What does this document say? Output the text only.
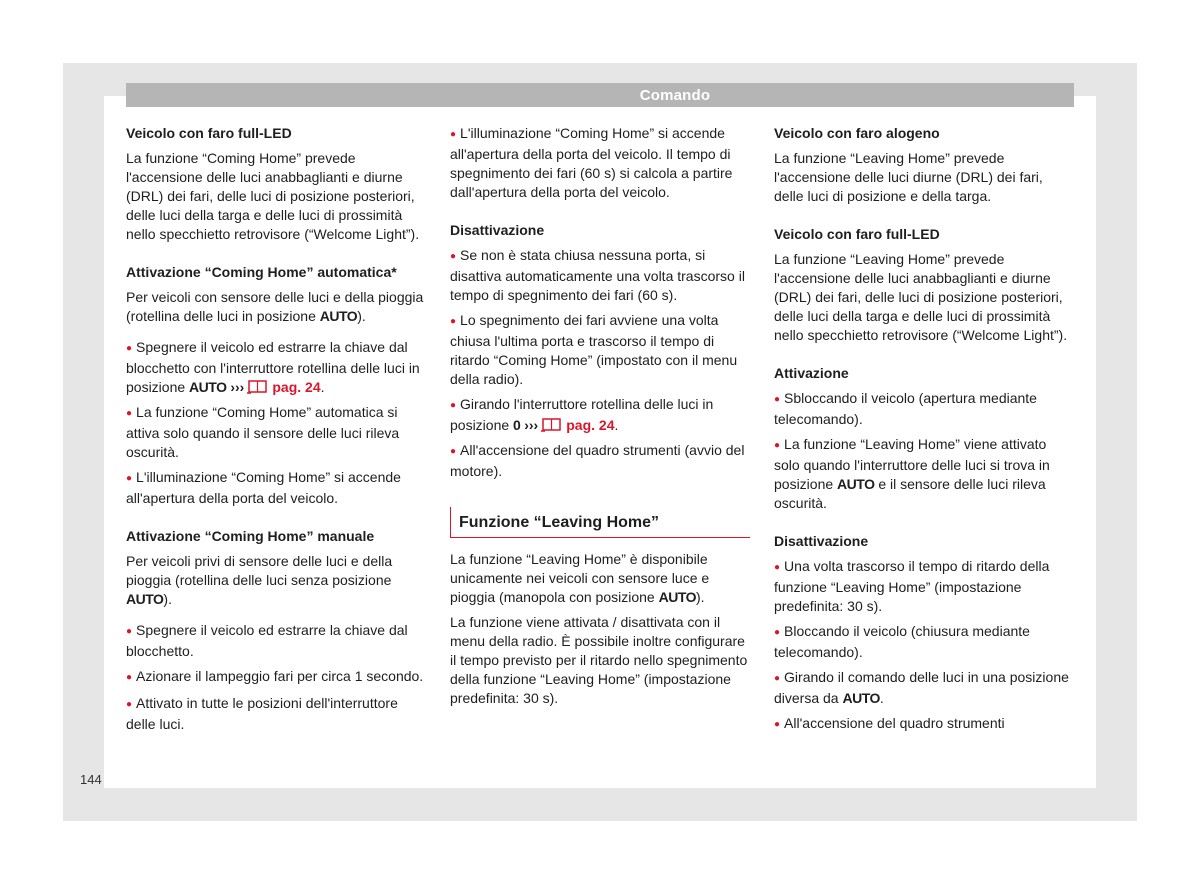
Comando
Veicolo con faro full-LED

La funzione “Coming Home” prevede l'accensione delle luci anabbaglianti e diurne (DRL) dei fari, delle luci di posizione posteriori, delle luci della targa e delle luci di prossimità nello specchietto retrovisore (“Welcome Light”).

Attivazione “Coming Home” automatica*

Per veicoli con sensore delle luci e della pioggia (rotellina delle luci in posizione AUTO).

● Spegnere il veicolo ed estrarre la chiave dal blocchetto con l'interruttore rotellina delle luci in posizione AUTO ››› pag. 24.

● La funzione “Coming Home” automatica si attiva solo quando il sensore delle luci rileva oscurità.

● L'illuminazione “Coming Home” si accende all'apertura della porta del veicolo.

Attivazione “Coming Home” manuale

Per veicoli privi di sensore delle luci e della pioggia (rotellina delle luci senza posizione AUTO).

● Spegnere il veicolo ed estrarre la chiave dal blocchetto.

● Azionare il lampeggio fari per circa 1 secondo.

● Attivato in tutte le posizioni dell'interruttore delle luci.

● L'illuminazione “Coming Home” si accende all'apertura della porta del veicolo. Il tempo di spegnimento dei fari (60 s) si calcola a partire dall'apertura della porta del veicolo.

Disattivazione

● Se non è stata chiusa nessuna porta, si disattiva automaticamente una volta trascorso il tempo di spegnimento dei fari (60 s).

● Lo spegnimento dei fari avviene una volta chiusa l'ultima porta e trascorso il tempo di ritardo “Coming Home” (impostato con il menu della radio).

● Girando l'interruttore rotellina delle luci in posizione 0 ››› pag. 24.

● All'accensione del quadro strumenti (avvio del motore).

Funzione “Leaving Home”

La funzione “Leaving Home” è disponibile unicamente nei veicoli con sensore luce e pioggia (manopola con posizione AUTO).

La funzione viene attivata / disattivata con il menu della radio. È possibile inoltre configurare il tempo previsto per il ritardo nello spegnimento della funzione “Leaving Home” (impostazione predefinita: 30 s).

Veicolo con faro alogeno

La funzione “Leaving Home” prevede l'accensione delle luci diurne (DRL) dei fari, delle luci di posizione e della targa.

Veicolo con faro full-LED

La funzione “Leaving Home” prevede l'accensione delle luci anabbaglianti e diurne (DRL) dei fari, delle luci di posizione posteriori, delle luci della targa e delle luci di prossimità nello specchietto retrovisore (“Welcome Light”).

Attivazione

● Sbloccando il veicolo (apertura mediante telecomando).

● La funzione “Leaving Home” viene attivato solo quando l'interruttore delle luci si trova in posizione AUTO e il sensore delle luci rileva oscurità.

Disattivazione

● Una volta trascorso il tempo di ritardo della funzione “Leaving Home” (impostazione predefinita: 30 s).

● Bloccando il veicolo (chiusura mediante telecomando).

● Girando il comando delle luci in una posizione diversa da AUTO.

● All'accensione del quadro strumenti

144
